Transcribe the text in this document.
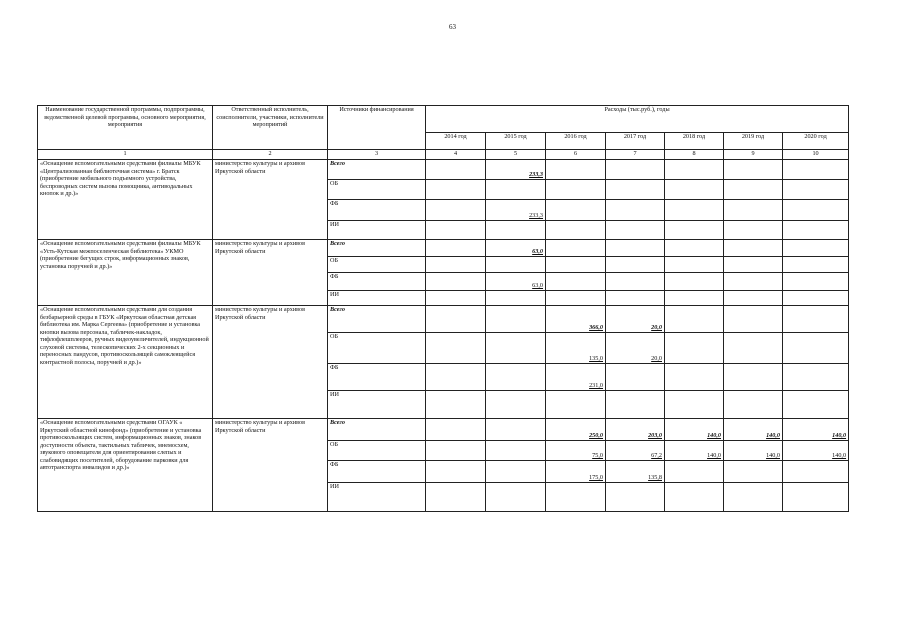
63
Наименование государственной программы, подпрограммы, ведомственной целевой программы, основного мероприятия, мероприятия	Ответственный исполнитель, соисполнители, участники, исполнители мероприятий	Источники финансирования	Расходы (тыс.руб.), годы						
			2014 год	2015 год	2016 год	2017 год	2018 год	2019 год	2020 год
1	2	3	4	5	6	7	8	9	10
«Оснащение вспомогательными средствами филиалы МБУК «Централизованная библиотечная система» г. Братск (приобретение мобильного подъемного устройства, беспроводных систем вызова помощника, антиводальных кнопок и др.)»	министерство культуры и архивов Иркутской области	Всего		233,3					
		ОБ							
		ФБ		233,3					
		ИИ							
«Оснащение вспомогательными средствами филиалы МБУК «Усть-Кутская межпоселенческая библиотека» УКМО (приобретение бегущих строк, информационных знаков, установка поручней и др.)»	министерство культуры и архивов Иркутской области	Всего		63,0					
		ОБ							
		ФБ		63,0					
		ИИ							
«Оснащение вспомогательными средствами для создания безбарьерной среды в ГБУК «Иркутская областная детская библиотека им. Марка Сергеева» (приобретение и установка кнопки вызова персонала, табличек-накладок, тифлофлешплееров, ручных видеоувеличителей, индукционной слуховой системы, телескопических 2-х секционных и переносных пандусов, противоскользящей самоклеящейся контрастной полосы, поручней и др.)»	министерство культуры и архивов Иркутской области	Всего			366,0	20,0			
		ОБ			135,0	20,0			
		ФБ			231,0				
		ИИ							
«Оснащение вспомогательными средствами ОГАУК « Иркутский областной кинофонд» (приобретение и установка противоскользящих систем, информационных знаков, знаков доступности объекта, тактильных табличек, мнемосхем, звукового оповещателя для ориентирования слепых и слабовидящих посетителей, оборудование парковки для автотранспорта инвалидов и др.)»	министерство культуры и архивов Иркутской области	Всего			250,0	203,0	140,0	140,0	140,0
		ОБ			75,0	67,2	140,0	140,0	140,0
		ФБ			175,0	135,8			
		ИИ							
